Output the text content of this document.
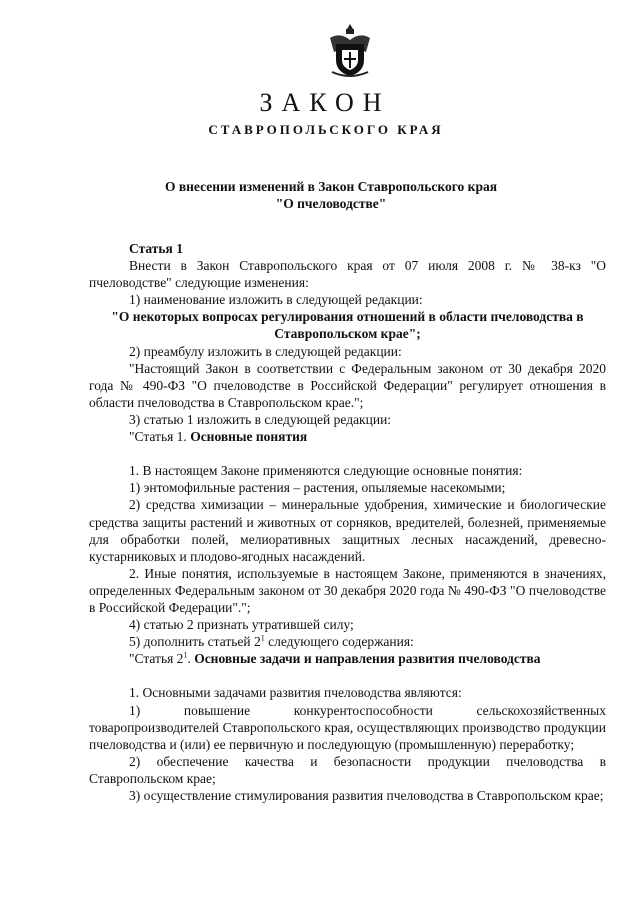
ЗАКОН
СТАВРОПОЛЬСКОГО КРАЯ
О внесении изменений в Закон Ставропольского края
"О пчеловодстве"

Статья 1

Внести в Закон Ставропольского края от 07 июля 2008 г. № 38-кз "О пчеловодстве" следующие изменения:

1) наименование изложить в следующей редакции:

"О некоторых вопросах регулирования отношений в области пчеловодства в Ставропольском крае";

2) преамбулу изложить в следующей редакции:

"Настоящий Закон в соответствии с Федеральным законом от 30 декабря 2020 года № 490-ФЗ "О пчеловодстве в Российской Федерации" регулирует отношения в области пчеловодства в Ставропольском крае.";

3) статью 1 изложить в следующей редакции:

"Статья 1. Основные понятия

1. В настоящем Законе применяются следующие основные понятия:

1) энтомофильные растения – растения, опыляемые насекомыми;

2) средства химизации – минеральные удобрения, химические и биологические средства защиты растений и животных от сорняков, вредителей, болезней, применяемые для обработки полей, мелиоративных защитных лесных насаждений, древесно-кустарниковых и плодово-ягодных насаждений.

2. Иные понятия, используемые в настоящем Законе, применяются в значениях, определенных Федеральным законом от 30 декабря 2020 года № 490-ФЗ "О пчеловодстве в Российской Федерации".";

4) статью 2 признать утратившей силу;

5) дополнить статьей $2^1$ следующего содержания:

"Статья $2^1$. Основные задачи и направления развития пчеловодства

1. Основными задачами развития пчеловодства являются:

1) повышение конкурентоспособности сельскохозяйственных товаропроизводителей Ставропольского края, осуществляющих производство продукции пчеловодства и (или) ее первичную и последующую (промышленную) переработку;

2) обеспечение качества и безопасности продукции пчеловодства в Ставропольском крае;

3) осуществление стимулирования развития пчеловодства в Ставропольском крае;
